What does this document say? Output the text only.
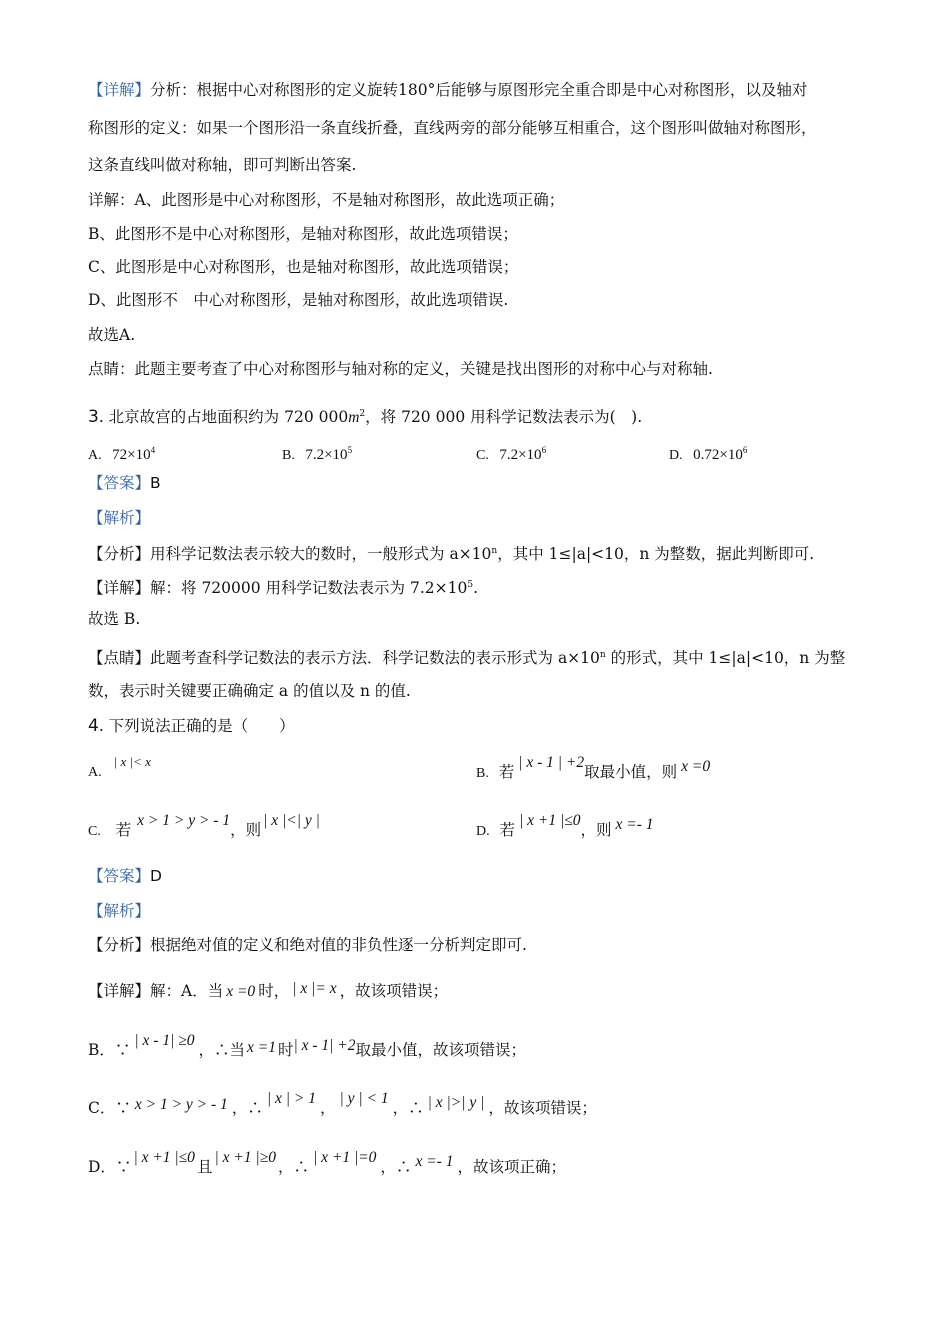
【详解】分析：根据中心对称图形的定义旋转180°后能够与原图形完全重合即是中心对称图形，以及轴对
称图形的定义：如果一个图形沿一条直线折叠，直线两旁的部分能够互相重合，这个图形叫做轴对称图形，
这条直线叫做对称轴，即可判断出答案.
详解：A、此图形是中心对称图形，不是轴对称图形，故此选项正确；
B、此图形不是中心对称图形，是轴对称图形，故此选项错误；
C、此图形是中心对称图形，也是轴对称图形，故此选项错误；
D、此图形不　中心对称图形，是轴对称图形，故此选项错误.
故选A.
点睛：此题主要考查了中心对称图形与轴对称的定义，关键是找出图形的对称中心与对称轴.
3. 北京故宫的占地面积约为 720 $000m^2$，将 720 000 用科学记数法表示为(　).
A. $72\times 10^4$	B. $7.2\times 10^5$	C. $7.2\times 10^6$	D. $0.72\times 10^6$
【答案】B
【解析】
【分析】用科学记数法表示较大的数时，一般形式为 $a\times 10^n$，其中 1≤|a|<10，n 为整数，据此判断即可.
【详解】解：将 720000 用科学记数法表示为 $7.2\times 10^5$.
故选 B.
【点睛】此题考查科学记数法的表示方法．科学记数法的表示形式为 $a\times 10^n$ 的形式，其中 1≤|a|<10，n 为整
数，表示时关键要正确确定 a 的值以及 n 的值.
4. 下列说法正确的是（　　）
A.| x |< x
B. 若| x - 1 | +2取最小值，则 x =0
C. 若x > 1 > y > - 1，则| x |<| y |
D. 若| x +1 |≤0，则 x =- 1
【答案】D
【解析】
【分析】根据绝对值的定义和绝对值的非负性逐一分析判定即可.
【详解】解：A．当 x =0 时， | x |= x ，故该项错误；
B．∵| x - 1| ≥0，∴当 x =1 时| x - 1| +2取最小值，故该项错误；
C．∵ x > 1 > y > - 1 ，∴| x | > 1，| y | < 1，∴ | x |>| y | ，故该项错误；
D．∵| x +1 |≤0且| x +1 |≥0，∴| x +1 |=0，∴ x =- 1 ，故该项正确；
